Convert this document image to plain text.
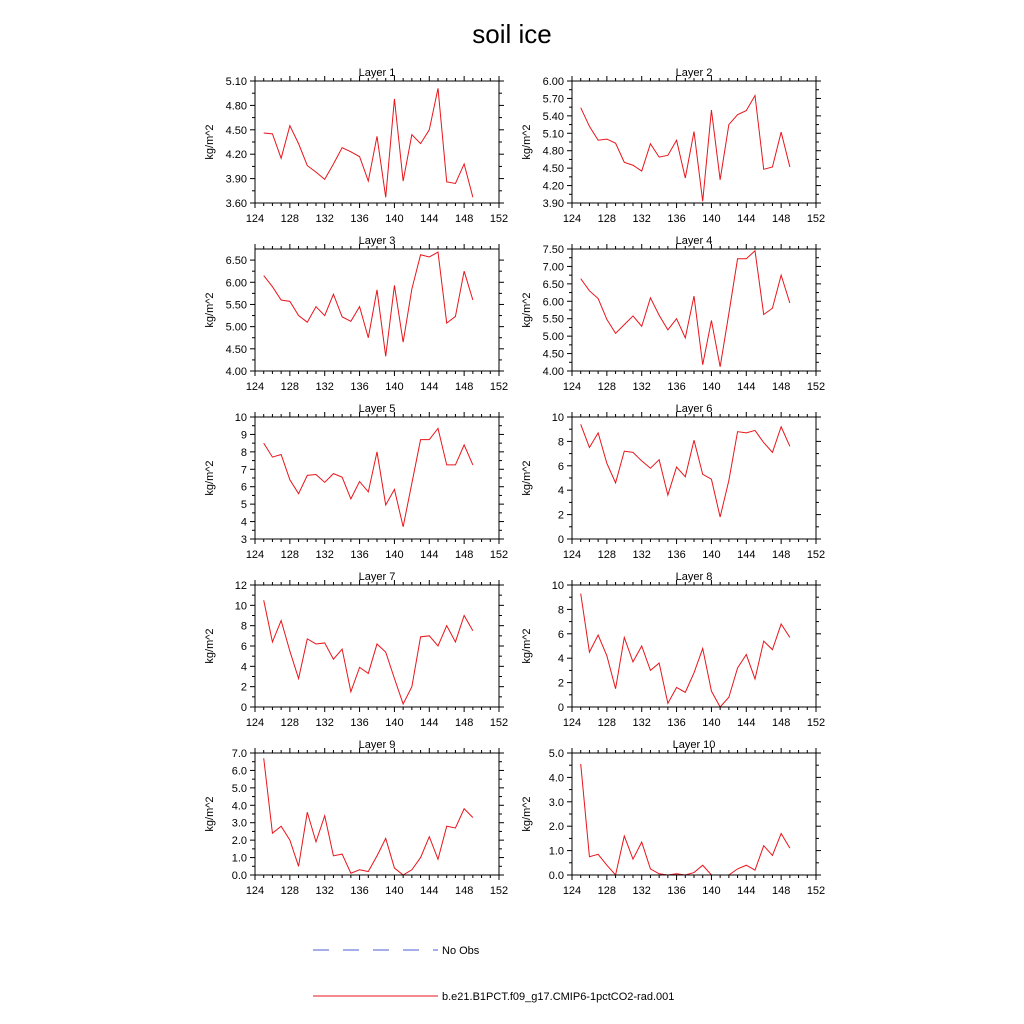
soil ice
Layer 1
kg/m^2
124 128 132 136 140 144 148 152
3.60
3.90
4.20
4.50
4.80
5.10
Layer 2
kg/m^2
124 128 132 136 140 144 148 152
3.90
4.20
4.50
4.80
5.10
5.40
5.70
6.00
Layer 3
kg/m^2
124 128 132 136 140 144 148 152
4.00
4.50
5.00
5.50
6.00
6.50
Layer 4
kg/m^2
124 128 132 136 140 144 148 152
4.00
4.50
5.00
5.50
6.00
6.50
7.00
7.50
Layer 5
kg/m^2
124 128 132 136 140 144 148 152
3
4
5
6
7
8
9
10
Layer 6
kg/m^2
124 128 132 136 140 144 148 152
0
2
4
6
8
10
Layer 7
kg/m^2
124 128 132 136 140 144 148 152
0
2
4
6
8
10
12
Layer 8
kg/m^2
124 128 132 136 140 144 148 152
0
2
4
6
8
10
Layer 9
kg/m^2
124 128 132 136 140 144 148 152
0.0
1.0
2.0
3.0
4.0
5.0
6.0
7.0
Layer 10
kg/m^2
124 128 132 136 140 144 148 152
0.0
1.0
2.0
3.0
4.0
5.0
No Obs
b.e21.B1PCT.f09_g17.CMIP6-1pctCO2-rad.001
